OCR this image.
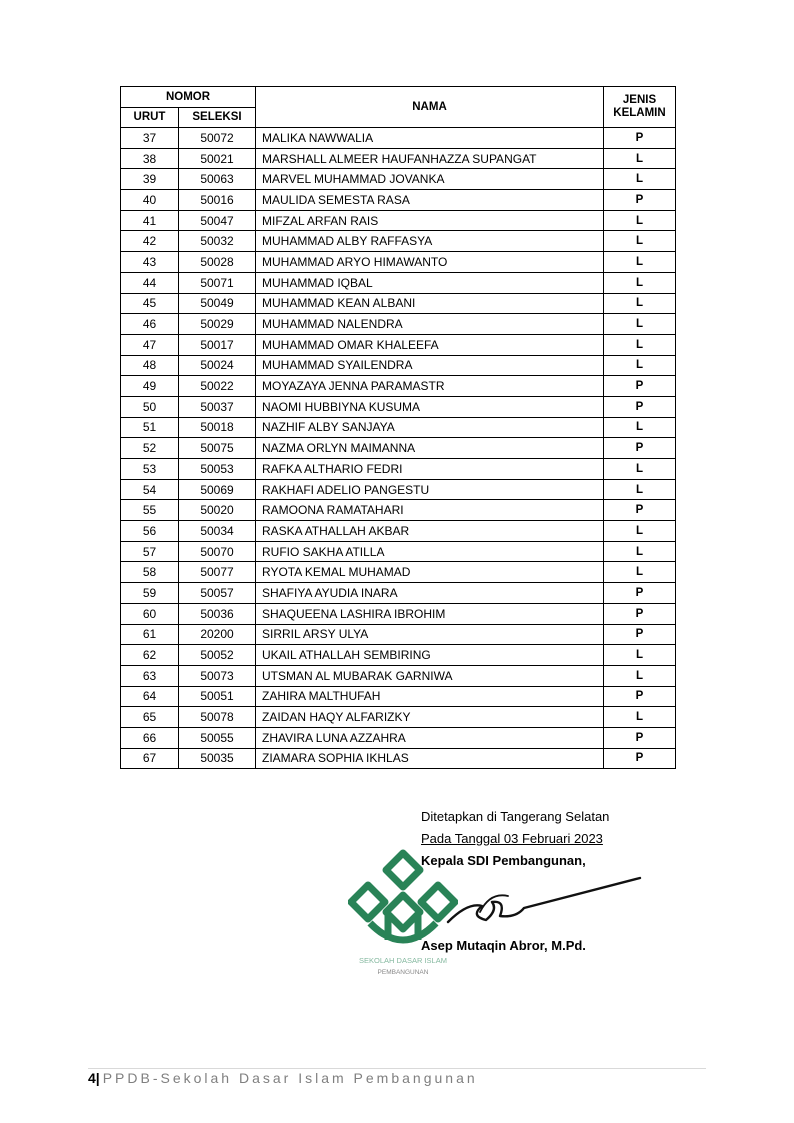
NOMOR		NAMA	JENIS
KELAMIN
URUT	SELEKSI		
37	50072	MALIKA NAWWALIA	P
38	50021	MARSHALL ALMEER HAUFANHAZZA SUPANGAT	L
39	50063	MARVEL MUHAMMAD JOVANKA	L
40	50016	MAULIDA SEMESTA RASA	P
41	50047	MIFZAL ARFAN RAIS	L
42	50032	MUHAMMAD ALBY RAFFASYA	L
43	50028	MUHAMMAD ARYO HIMAWANTO	L
44	50071	MUHAMMAD IQBAL	L
45	50049	MUHAMMAD KEAN ALBANI	L
46	50029	MUHAMMAD NALENDRA	L
47	50017	MUHAMMAD OMAR KHALEEFA	L
48	50024	MUHAMMAD SYAILENDRA	L
49	50022	MOYAZAYA JENNA PARAMASTR	P
50	50037	NAOMI HUBBIYNA KUSUMA	P
51	50018	NAZHIF ALBY SANJAYA	L
52	50075	NAZMA ORLYN MAIMANNA	P
53	50053	RAFKA ALTHARIO FEDRI	L
54	50069	RAKHAFI ADELIO PANGESTU	L
55	50020	RAMOONA RAMATAHARI	P
56	50034	RASKA ATHALLAH AKBAR	L
57	50070	RUFIO SAKHA ATILLA	L
58	50077	RYOTA KEMAL MUHAMAD	L
59	50057	SHAFIYA AYUDIA INARA	P
60	50036	SHAQUEENA LASHIRA IBROHIM	P
61	20200	SIRRIL ARSY ULYA	P
62	50052	UKAIL ATHALLAH SEMBIRING	L
63	50073	UTSMAN AL MUBARAK GARNIWA	L
64	50051	ZAHIRA MALTHUFAH	P
65	50078	ZAIDAN HAQY ALFARIZKY	L
66	50055	ZHAVIRA LUNA AZZAHRA	P
67	50035	ZIAMARA SOPHIA IKHLAS	P
Ditetapkan di Tangerang Selatan
Pada Tanggal 03 Februari 2023
Kepala SDI Pembangunan,
SEKOLAH DASAR ISLAM
PEMBANGUNAN
Asep Mutaqin Abror, M.Pd.
4| PPDB-Sekolah Dasar Islam Pembangunan
